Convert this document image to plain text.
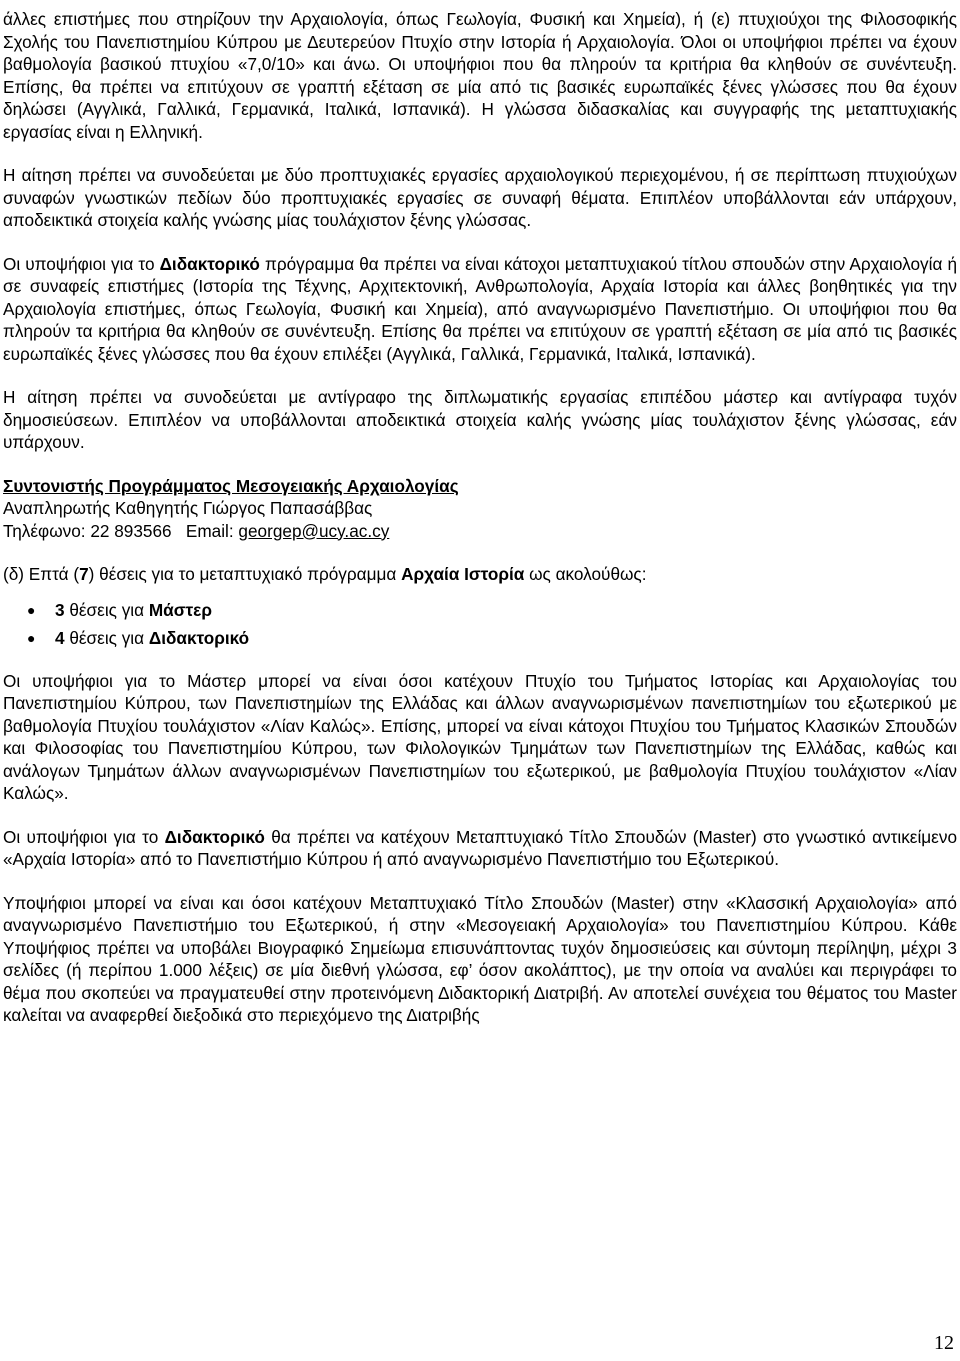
άλλες επιστήμες που στηρίζουν την Αρχαιολογία, όπως Γεωλογία, Φυσική και Χημεία), ή (ε) πτυχιούχοι της Φιλοσοφικής Σχολής του Πανεπιστημίου Κύπρου με Δευτερεύον Πτυχίο στην Ιστορία ή Αρχαιολογία. Όλοι οι υποψήφιοι πρέπει να έχουν βαθμολογία βασικού πτυχίου «7,0/10» και άνω. Οι υποψήφιοι που θα πληρούν τα κριτήρια θα κληθούν σε συνέντευξη. Επίσης, θα πρέπει να επιτύχουν σε γραπτή εξέταση σε μία από τις βασικές ευρωπαϊκές ξένες γλώσσες που θα έχουν δηλώσει (Αγγλικά, Γαλλικά, Γερμανικά, Ιταλικά, Ισπανικά). Η γλώσσα διδασκαλίας και συγγραφής της μεταπτυχιακής εργασίας είναι η Ελληνική.

Η αίτηση πρέπει να συνοδεύεται με δύο προπτυχιακές εργασίες αρχαιολογικού περιεχομένου, ή σε περίπτωση πτυχιούχων συναφών γνωστικών πεδίων δύο προπτυχιακές εργασίες σε συναφή θέματα. Επιπλέον υποβάλλονται εάν υπάρχουν, αποδεικτικά στοιχεία καλής γνώσης μίας τουλάχιστον ξένης γλώσσας.

Οι υποψήφιοι για το Διδακτορικό πρόγραμμα θα πρέπει να είναι κάτοχοι μεταπτυχιακού τίτλου σπουδών στην Αρχαιολογία ή σε συναφείς επιστήμες (Ιστορία της Τέχνης, Αρχιτεκτονική, Ανθρωπολογία, Αρχαία Ιστορία και άλλες βοηθητικές για την Αρχαιολογία επιστήμες, όπως Γεωλογία, Φυσική και Χημεία), από αναγνωρισμένο Πανεπιστήμιο. Οι υποψήφιοι που θα πληρούν τα κριτήρια θα κληθούν σε συνέντευξη. Επίσης θα πρέπει να επιτύχουν σε γραπτή εξέταση σε μία από τις βασικές ευρωπαϊκές ξένες γλώσσες που θα έχουν επιλέξει (Αγγλικά, Γαλλικά, Γερμανικά, Ιταλικά, Ισπανικά).

Η αίτηση πρέπει να συνοδεύεται με αντίγραφο της διπλωματικής εργασίας επιπέδου μάστερ και αντίγραφα τυχόν δημοσιεύσεων. Επιπλέον να υποβάλλονται αποδεικτικά στοιχεία καλής γνώσης μίας τουλάχιστον ξένης γλώσσας, εάν υπάρχουν.

Συντονιστής Προγράμματος Μεσογειακής Αρχαιολογίας
Αναπληρωτής Καθηγητής Γιώργος Παπασάββας
Τηλέφωνο: 22 893566   Email: georgep@ucy.ac.cy

(δ) Επτά (7) θέσεις για το μεταπτυχιακό πρόγραμμα Αρχαία Ιστορία ως ακολούθως:

● 3 θέσεις για Μάστερ
● 4 θέσεις για Διδακτορικό

Οι υποψήφιοι για το Μάστερ μπορεί να είναι όσοι κατέχουν Πτυχίο του Τμήματος Ιστορίας και Αρχαιολογίας του Πανεπιστημίου Κύπρου, των Πανεπιστημίων της Ελλάδας και άλλων αναγνωρισμένων πανεπιστημίων του εξωτερικού με βαθμολογία Πτυχίου τουλάχιστον «Λίαν Καλώς». Επίσης, μπορεί να είναι κάτοχοι Πτυχίου του Τμήματος Κλασικών Σπουδών και Φιλοσοφίας του Πανεπιστημίου Κύπρου, των Φιλολογικών Τμημάτων των Πανεπιστημίων της Ελλάδας, καθώς και ανάλογων Τμημάτων άλλων αναγνωρισμένων Πανεπιστημίων του εξωτερικού, με βαθμολογία Πτυχίου τουλάχιστον «Λίαν Καλώς».

Οι υποψήφιοι για το Διδακτορικό θα πρέπει να κατέχουν Μεταπτυχιακό Τίτλο Σπουδών (Master) στο γνωστικό αντικείμενο «Αρχαία Ιστορία» από το Πανεπιστήμιο Κύπρου ή από αναγνωρισμένο Πανεπιστήμιο του Εξωτερικού.

Υποψήφιοι μπορεί να είναι και όσοι κατέχουν Μεταπτυχιακό Τίτλο Σπουδών (Master) στην «Κλασσική Αρχαιολογία» από αναγνωρισμένο Πανεπιστήμιο του Εξωτερικού, ή στην «Μεσογειακή Αρχαιολογία» του Πανεπιστημίου Κύπρου. Κάθε Υποψήφιος πρέπει να υποβάλει Βιογραφικό Σημείωμα επισυνάπτοντας τυχόν δημοσιεύσεις και σύντομη περίληψη, μέχρι 3 σελίδες (ή περίπου 1.000 λέξεις) σε μία διεθνή γλώσσα, εφ’ όσον ακολάπτος), με την οποία να αναλύει και περιγράφει το θέμα που σκοπεύει να πραγματευθεί στην προτεινόμενη Διδακτορική Διατριβή. Αν αποτελεί συνέχεια του θέματος του Master καλείται να αναφερθεί διεξοδικά στο περιεχόμενο της Διατριβής

12
